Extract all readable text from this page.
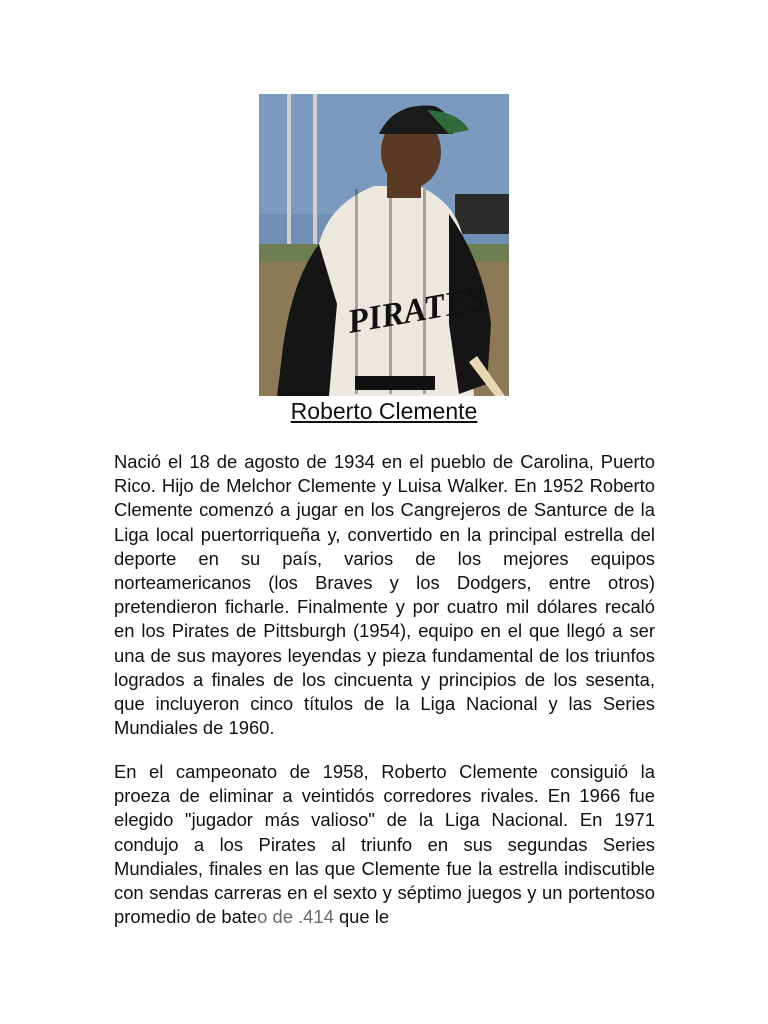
PIRATES
Roberto Clemente

Nació el 18 de agosto de 1934 en el pueblo de Carolina, Puerto Rico. Hijo de Melchor Clemente y Luisa Walker. En 1952 Roberto Clemente comenzó a jugar en los Cangrejeros de Santurce de la Liga local puertorriqueña y, convertido en la principal estrella del deporte en su país, varios de los mejores equipos norteamericanos (los Braves y los Dodgers, entre otros) pretendieron ficharle. Finalmente y por cuatro mil dólares recaló en los Pirates de Pittsburgh (1954), equipo en el que llegó a ser una de sus mayores leyendas y pieza fundamental de los triunfos logrados a finales de los cincuenta y principios de los sesenta, que incluyeron cinco títulos de la Liga Nacional y las Series Mundiales de 1960.

En el campeonato de 1958, Roberto Clemente consiguió la proeza de eliminar a veintidós corredores rivales. En 1966 fue elegido "jugador más valioso" de la Liga Nacional. En 1971 condujo a los Pirates al triunfo en sus segundas Series Mundiales, finales en las que Clemente fue la estrella indiscutible con sendas carreras en el sexto y séptimo juegos y un portentoso promedio de bateo de .414 que le
